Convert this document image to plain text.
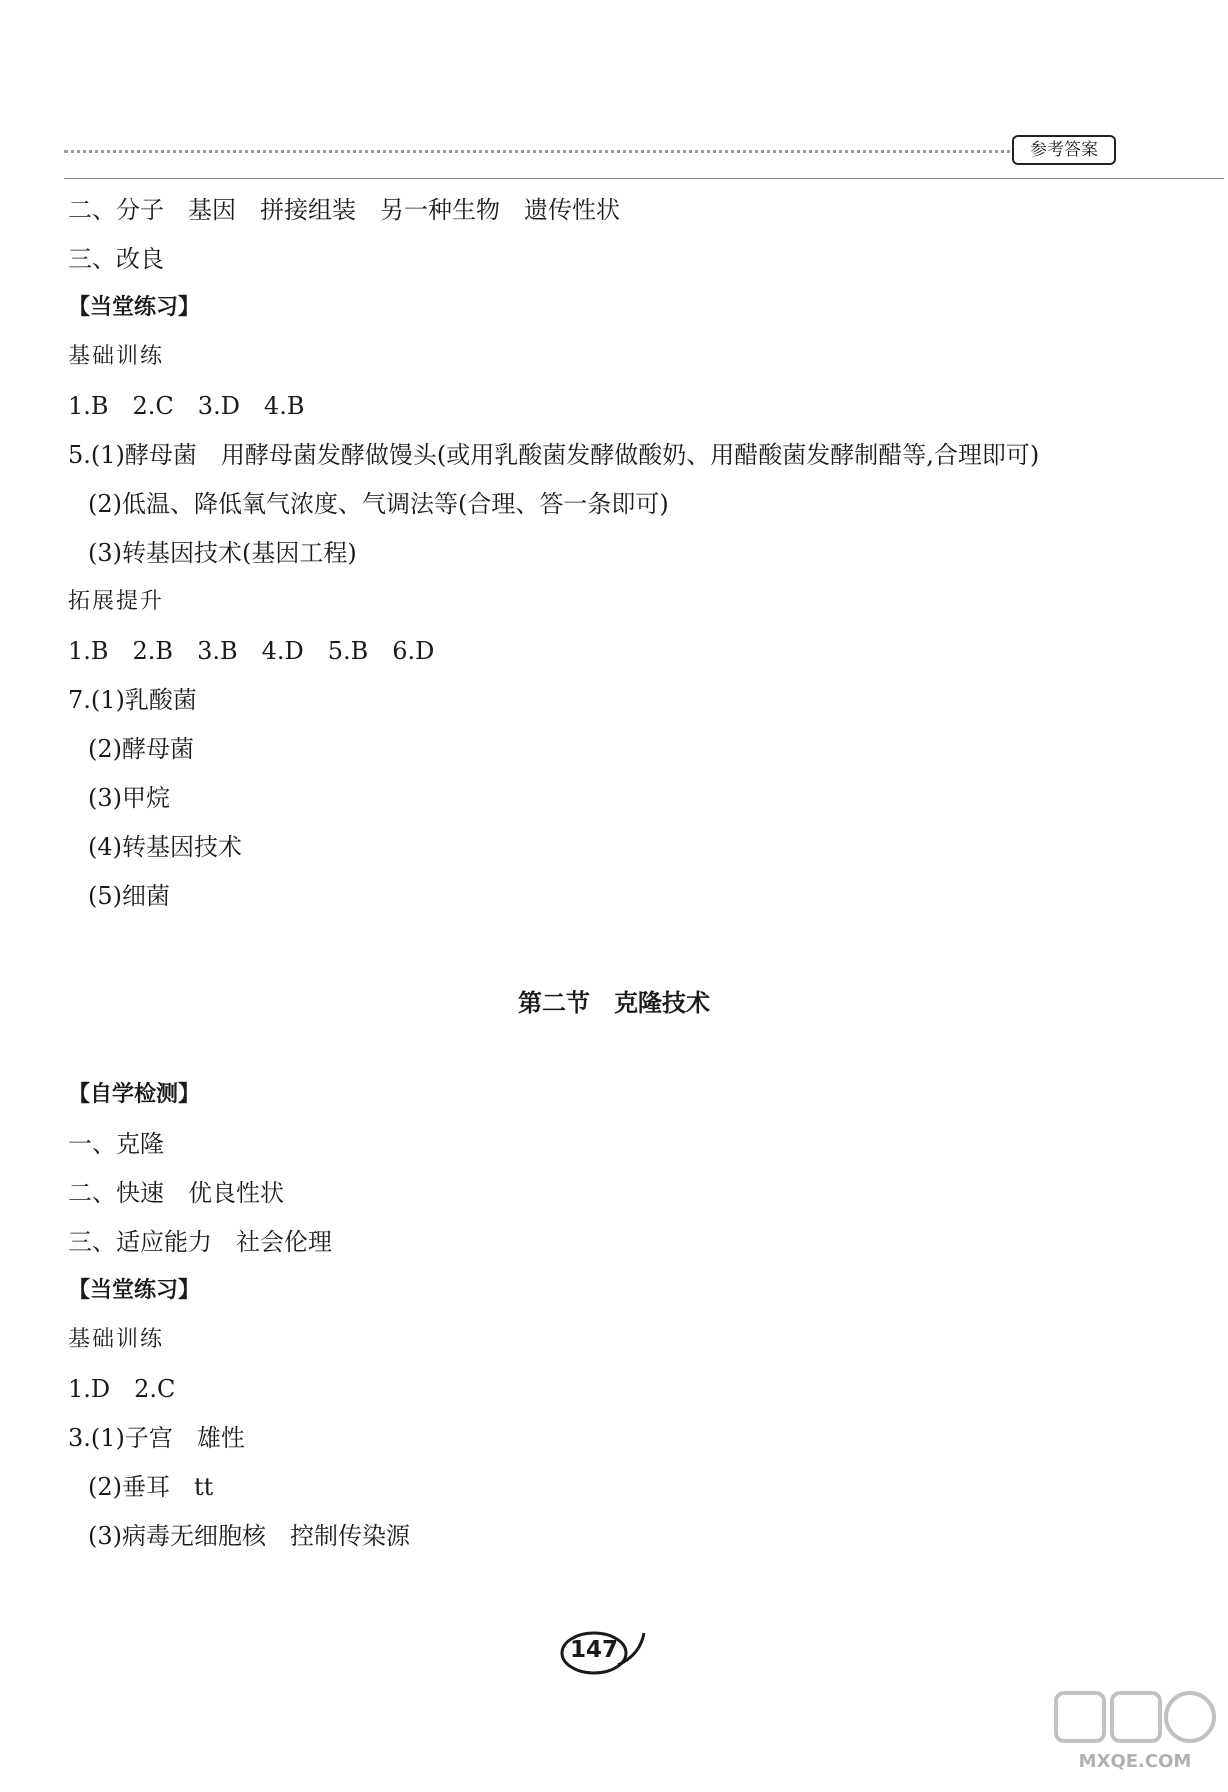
参考答案
二、分子　基因　拼接组装　另一种生物　遗传性状
三、改良
【当堂练习】
基础训练
1.B　2.C　3.D　4.B
5.(1)酵母菌　用酵母菌发酵做馒头(或用乳酸菌发酵做酸奶、用醋酸菌发酵制醋等,合理即可)
(2)低温、降低氧气浓度、气调法等(合理、答一条即可)
(3)转基因技术(基因工程)
拓展提升
1.B　2.B　3.B　4.D　5.B　6.D
7.(1)乳酸菌
(2)酵母菌
(3)甲烷
(4)转基因技术
(5)细菌
第二节　克隆技术
【自学检测】
一、克隆
二、快速　优良性状
三、适应能力　社会伦理
【当堂练习】
基础训练
1.D　2.C
3.(1)子宫　雄性
(2)垂耳　tt
(3)病毒无细胞核　控制传染源
147
MXQE.COM
